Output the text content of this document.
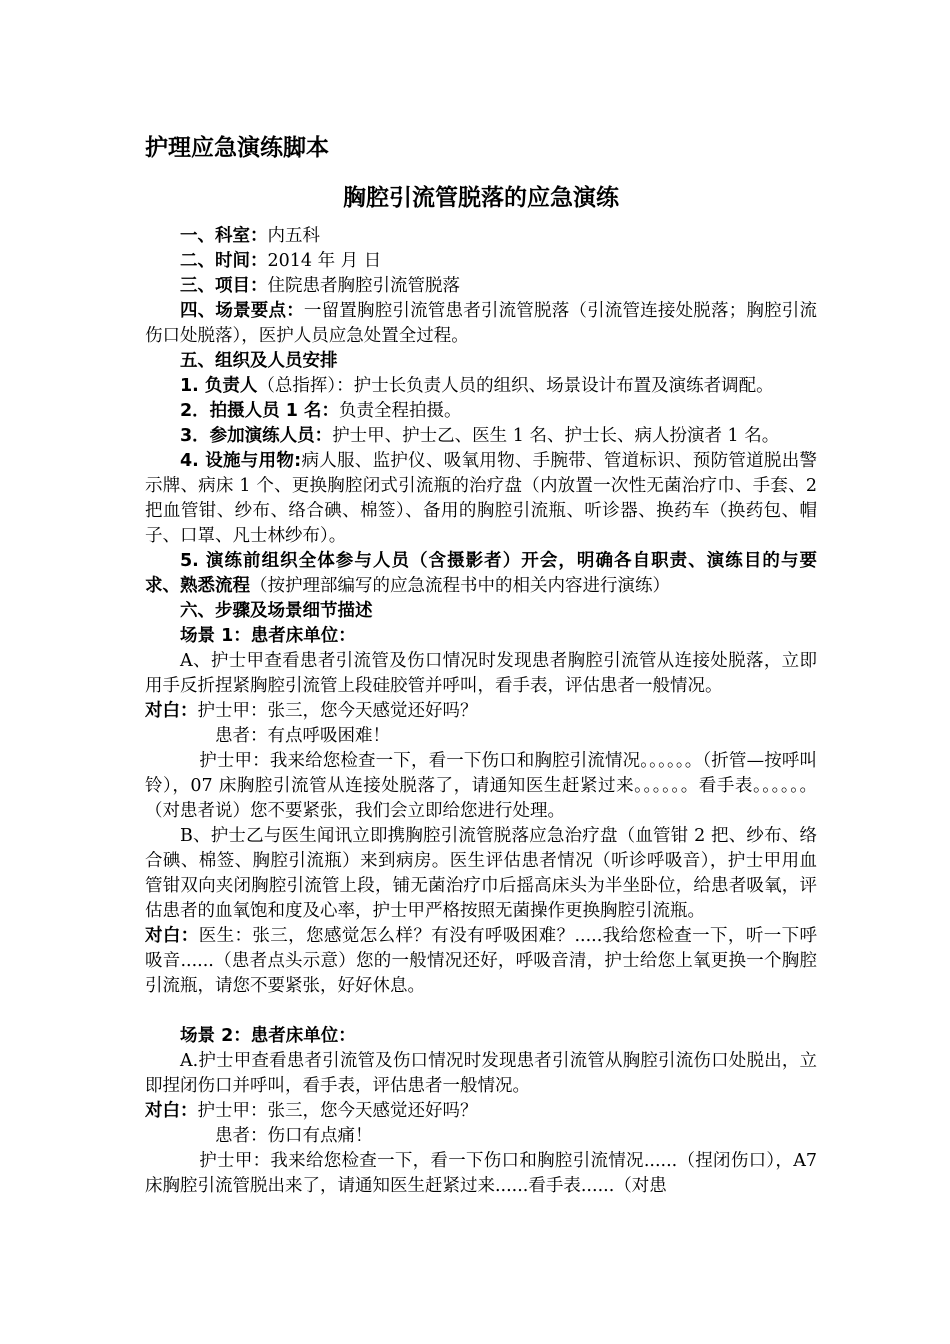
护理应急演练脚本
胸腔引流管脱落的应急演练

一、科室：内五科

二、时间：2014 年 月 日

三、项目：住院患者胸腔引流管脱落

四、场景要点：一留置胸腔引流管患者引流管脱落（引流管连接处脱落；胸腔引流伤口处脱落），医护人员应急处置全过程。

五、组织及人员安排

1. 负责人（总指挥）：护士长负责人员的组织、场景设计布置及演练者调配。

2．拍摄人员 1 名：负责全程拍摄。

3．参加演练人员：护士甲、护士乙、医生 1 名、护士长、病人扮演者 1 名。

4. 设施与用物:病人服、监护仪、吸氧用物、手腕带、管道标识、预防管道脱出警示牌、病床 1 个、更换胸腔闭式引流瓶的治疗盘（内放置一次性无菌治疗巾、手套、2 把血管钳、纱布、络合碘、棉签）、备用的胸腔引流瓶、听诊器、换药车（换药包、帽子、口罩、凡士林纱布）。

5. 演练前组织全体参与人员（含摄影者）开会，明确各自职责、演练目的与要求、熟悉流程（按护理部编写的应急流程书中的相关内容进行演练）

六、步骤及场景细节描述

场景 1：患者床单位：

A、护士甲查看患者引流管及伤口情况时发现患者胸腔引流管从连接处脱落，立即用手反折捏紧胸腔引流管上段硅胶管并呼叫，看手表，评估患者一般情况。

对白：护士甲：张三，您今天感觉还好吗？

患者：有点呼吸困难！

护士甲：我来给您检查一下，看一下伤口和胸腔引流情况。。。。。。（折管—按呼叫铃），07 床胸腔引流管从连接处脱落了，请通知医生赶紧过来。。。。。。看手表。。。。。。（对患者说）您不要紧张，我们会立即给您进行处理。

B、护士乙与医生闻讯立即携胸腔引流管脱落应急治疗盘（血管钳 2 把、纱布、络合碘、棉签、胸腔引流瓶）来到病房。医生评估患者情况（听诊呼吸音），护士甲用血管钳双向夹闭胸腔引流管上段，铺无菌治疗巾后摇高床头为半坐卧位，给患者吸氧，评估患者的血氧饱和度及心率，护士甲严格按照无菌操作更换胸腔引流瓶。

对白：医生：张三，您感觉怎么样？有没有呼吸困难？.....我给您检查一下，听一下呼吸音......（患者点头示意）您的一般情况还好，呼吸音清，护士给您上氧更换一个胸腔引流瓶，请您不要紧张，好好休息。

场景 2：患者床单位：

A.护士甲查看患者引流管及伤口情况时发现患者引流管从胸腔引流伤口处脱出，立即捏闭伤口并呼叫，看手表，评估患者一般情况。

对白：护士甲：张三，您今天感觉还好吗？

患者：伤口有点痛！

护士甲：我来给您检查一下，看一下伤口和胸腔引流情况......（捏闭伤口），A7 床胸腔引流管脱出来了，请通知医生赶紧过来......看手表......（对患
